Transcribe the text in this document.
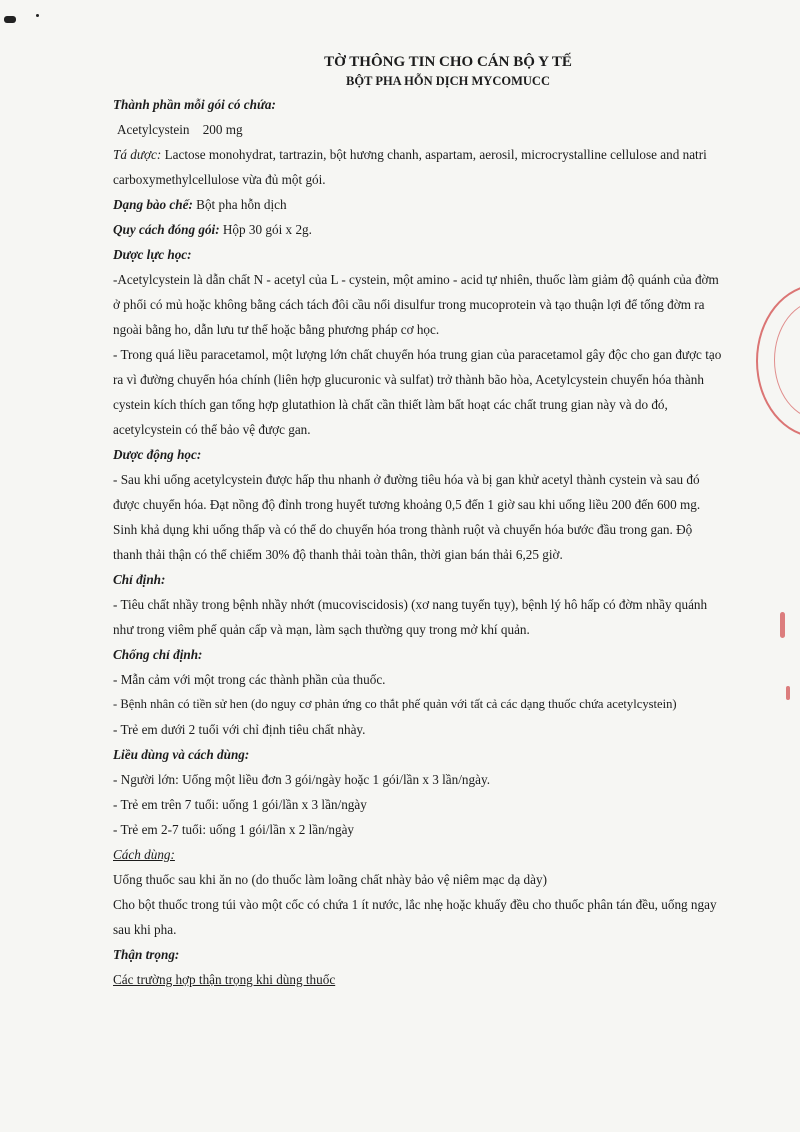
TỜ THÔNG TIN CHO CÁN BỘ Y TẾ
BỘT PHA HỖN DỊCH MYCOMUCC
Thành phần mỗi gói có chứa:
Acetylcystein    200 mg
Tá dược: Lactose monohydrat, tartrazin, bột hương chanh, aspartam, aerosil, microcrystalline cellulose and natri carboxymethylcellulose vừa đủ một gói.
Dạng bào chế: Bột pha hỗn dịch
Quy cách đóng gói: Hộp 30 gói x 2g.
Dược lực học:
-Acetylcystein là dẫn chất N - acetyl của L - cystein, một amino - acid tự nhiên, thuốc làm giảm độ quánh của đờm ở phổi có mủ hoặc không bằng cách tách đôi cầu nối disulfur trong mucoprotein và tạo thuận lợi để tống đờm ra ngoài bằng ho, dẫn lưu tư thế hoặc bằng phương pháp cơ học.
- Trong quá liều paracetamol, một lượng lớn chất chuyển hóa trung gian của paracetamol gây độc cho gan được tạo ra vì đường chuyển hóa chính (liên hợp glucuronic và sulfat) trở thành bão hòa, Acetylcystein chuyển hóa thành cystein kích thích gan tổng hợp glutathion là chất cần thiết làm bất hoạt các chất trung gian này và do đó, acetylcystein có thể bảo vệ được gan.
Dược động học:
- Sau khi uống acetylcystein được hấp thu nhanh ở đường tiêu hóa và bị gan khử acetyl thành cystein và sau đó được chuyển hóa. Đạt nồng độ đỉnh trong huyết tương khoảng 0,5 đến 1 giờ sau khi uống liều 200 đến 600 mg. Sinh khả dụng khi uống thấp và có thể do chuyển hóa trong thành ruột và chuyển hóa bước đầu trong gan. Độ thanh thải thận có thể chiếm 30% độ thanh thải toàn thân, thời gian bán thải 6,25 giờ.
Chỉ định:
- Tiêu chất nhầy trong bệnh nhầy nhớt (mucoviscidosis) (xơ nang tuyến tụy), bệnh lý hô hấp có đờm nhầy quánh như trong viêm phế quản cấp và mạn, làm sạch thường quy trong mở khí quản.
Chống chỉ định:
- Mẫn cảm với một trong các thành phần của thuốc.
- Bệnh nhân có tiền sử hen (do nguy cơ phản ứng co thắt phế quản với tất cả các dạng thuốc chứa acetylcystein)
- Trẻ em dưới 2 tuổi với chỉ định tiêu chất nhày.
Liều dùng và cách dùng:
- Người lớn: Uống một liều đơn 3 gói/ngày hoặc 1 gói/lần x 3 lần/ngày.
- Trẻ em trên 7 tuổi: uống 1 gói/lần x 3 lần/ngày
- Trẻ em 2-7 tuổi: uống 1 gói/lần x 2 lần/ngày
Cách dùng:
Uống thuốc sau khi ăn no (do thuốc làm loãng chất nhày bảo vệ niêm mạc dạ dày)
Cho bột thuốc trong túi vào một cốc có chứa 1 ít nước, lắc nhẹ hoặc khuấy đều cho thuốc phân tán đều, uống ngay sau khi pha.
Thận trọng:
Các trường hợp thận trọng khi dùng thuốc
